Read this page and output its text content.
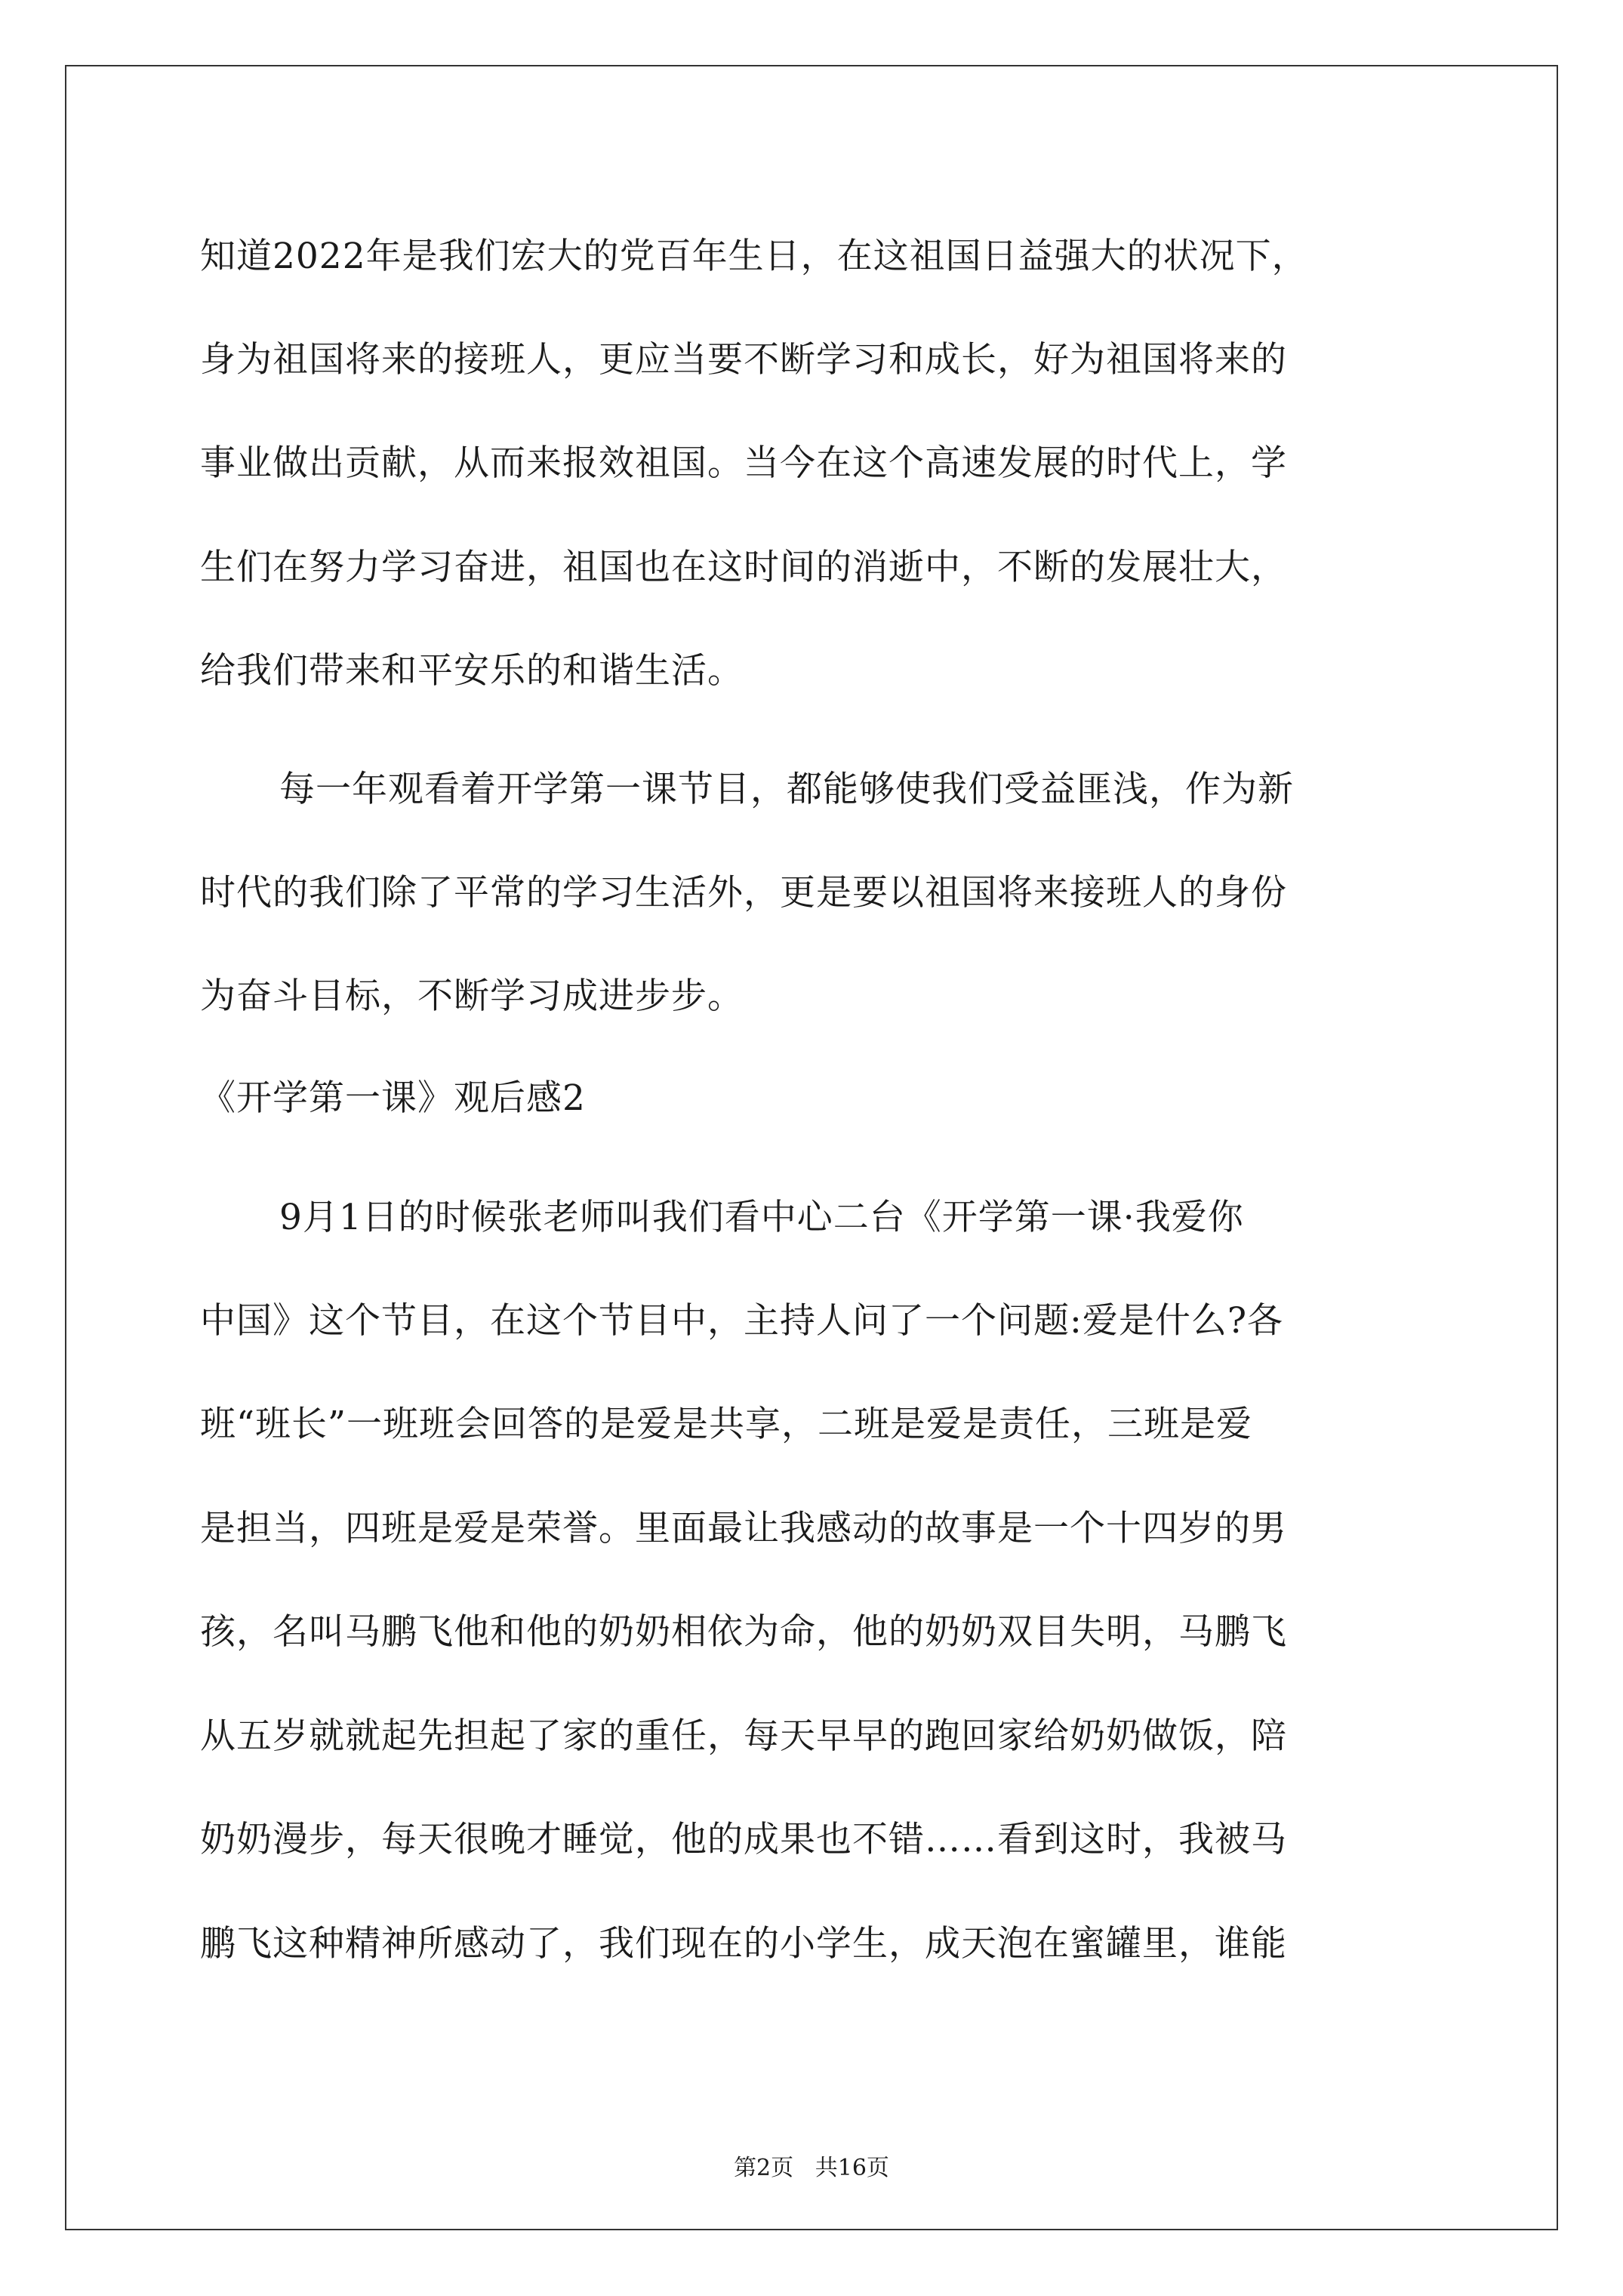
知道2022年是我们宏大的党百年生日，在这祖国日益强大的状况下，
身为祖国将来的接班人，更应当要不断学习和成长，好为祖国将来的
事业做出贡献，从而来报效祖国。当今在这个高速发展的时代上，学
生们在努力学习奋进，祖国也在这时间的消逝中，不断的发展壮大，
给我们带来和平安乐的和谐生活。
每一年观看着开学第一课节目，都能够使我们受益匪浅，作为新
时代的我们除了平常的学习生活外，更是要以祖国将来接班人的身份
为奋斗目标，不断学习成进步步。
《开学第一课》观后感2
9月1日的时候张老师叫我们看中心二台《开学第一课·我爱你
中国》这个节目，在这个节目中，主持人问了一个问题:爱是什么?各
班“班长”一班班会回答的是爱是共享，二班是爱是责任，三班是爱
是担当，四班是爱是荣誉。里面最让我感动的故事是一个十四岁的男
孩，名叫马鹏飞他和他的奶奶相依为命，他的奶奶双目失明，马鹏飞
从五岁就就起先担起了家的重任，每天早早的跑回家给奶奶做饭，陪
奶奶漫步，每天很晚才睡觉，他的成果也不错……看到这时，我被马
鹏飞这种精神所感动了，我们现在的小学生，成天泡在蜜罐里，谁能
第2页   共16页
